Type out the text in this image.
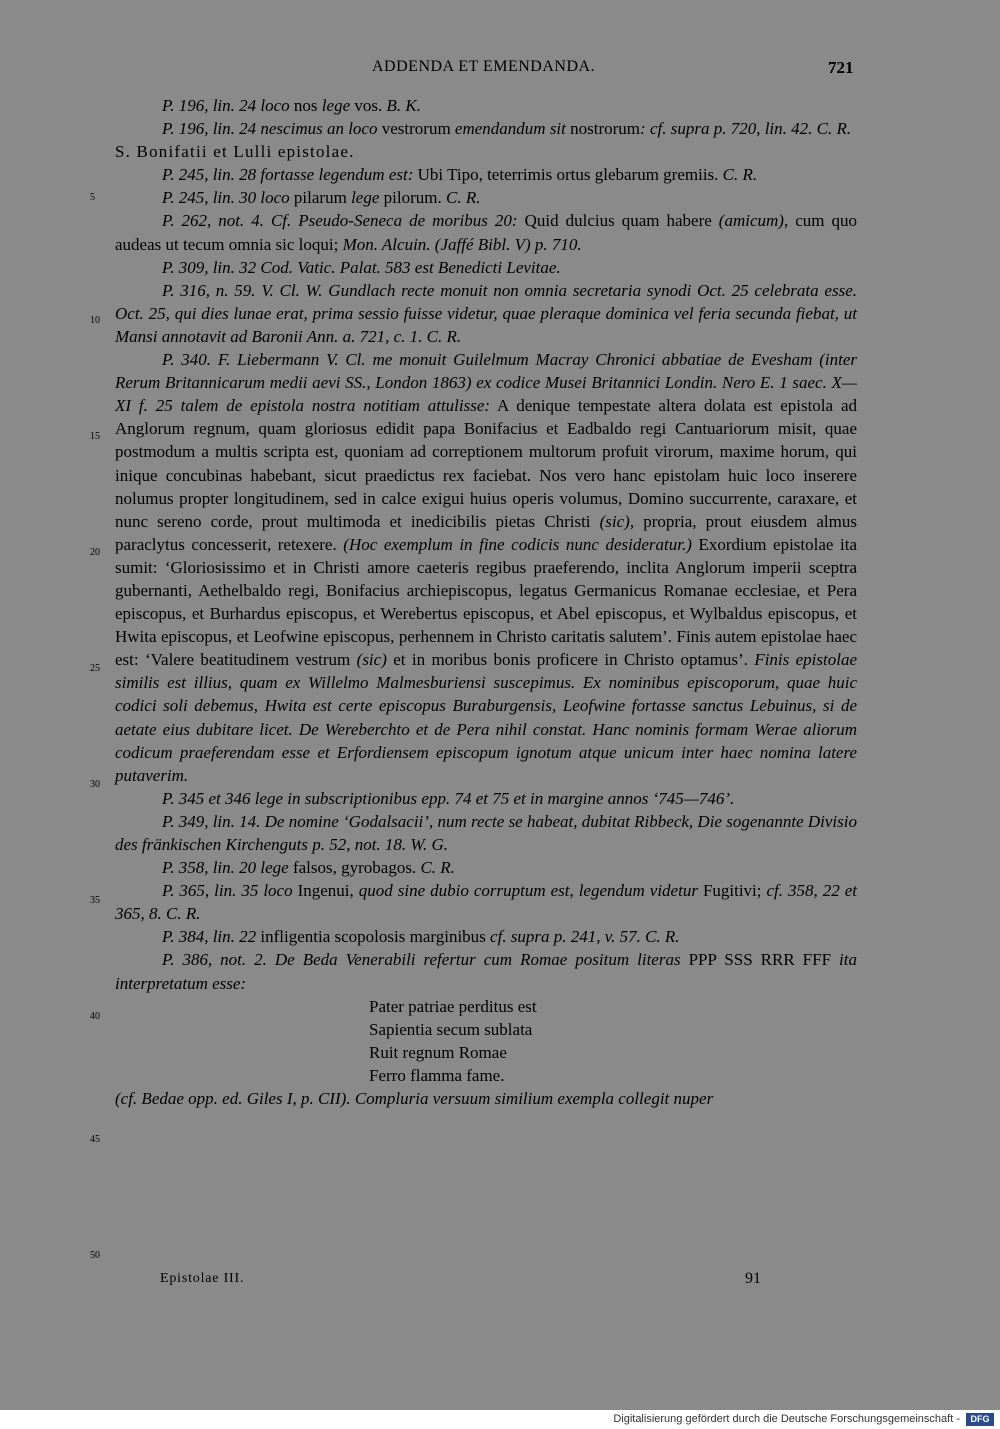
ADDENDA ET EMENDANDA.	721
5
10
15
20
25
30
35
40
45
50

P. 196, lin. 24 loco nos lege vos. B. K.

P. 196, lin. 24 nescimus an loco vestrorum emendandum sit nostrorum: cf. supra p. 720, lin. 42. C. R.

S. Bonifatii et Lulli epistolae.

P. 245, lin. 28 fortasse legendum est: Ubi Tipo, teterrimis ortus glebarum gremiis. C. R.

P. 245, lin. 30 loco pilarum lege pilorum. C. R.

P. 262, not. 4. Cf. Pseudo-Seneca de moribus 20: Quid dulcius quam habere (amicum), cum quo audeas ut tecum omnia sic loqui; Mon. Alcuin. (Jaffé Bibl. V) p. 710.

P. 309, lin. 32 Cod. Vatic. Palat. 583 est Benedicti Levitae.

P. 316, n. 59. V. Cl. W. Gundlach recte monuit non omnia secretaria synodi Oct. 25 celebrata esse. Oct. 25, qui dies lunae erat, prima sessio fuisse videtur, quae pleraque dominica vel feria secunda fiebat, ut Mansi annotavit ad Baronii Ann. a. 721, c. 1. C. R.

P. 340. F. Liebermann V. Cl. me monuit Guilelmum Macray Chronici abbatiae de Evesham (inter Rerum Britannicarum medii aevi SS., London 1863) ex codice Musei Britannici Londin. Nero E. 1 saec. X—XI f. 25 talem de epistola nostra notitiam attulisse: A denique tempestate altera dolata est epistola ad Anglorum regnum, quam gloriosus edidit papa Bonifacius et Eadbaldo regi Cantuariorum misit, quae postmodum a multis scripta est, quoniam ad correptionem multorum profuit virorum, maxime horum, qui inique concubinas habebant, sicut praedictus rex faciebat. Nos vero hanc epistolam huic loco inserere nolumus propter longitudinem, sed in calce exigui huius operis volumus, Domino succurrente, caraxare, et nunc sereno corde, prout multimoda et inedicibilis pietas Christi (sic), propria, prout eiusdem almus paraclytus concesserit, retexere. (Hoc exemplum in fine codicis nunc desideratur.) Exordium epistolae ita sumit: ‘Gloriosissimo et in Christi amore caeteris regibus praeferendo, inclita Anglorum imperii sceptra gubernanti, Aethelbaldo regi, Bonifacius archiepiscopus, legatus Germanicus Romanae ecclesiae, et Pera episcopus, et Burhardus episcopus, et Werebertus episcopus, et Abel episcopus, et Wylbaldus episcopus, et Hwita episcopus, et Leofwine episcopus, perhennem in Christo caritatis salutem’. Finis autem epistolae haec est: ‘Valere beatitudinem vestrum (sic) et in moribus bonis proficere in Christo optamus’. Finis epistolae similis est illius, quam ex Willelmo Malmesburiensi suscepimus. Ex nominibus episcoporum, quae huic codici soli debemus, Hwita est certe episcopus Buraburgensis, Leofwine fortasse sanctus Lebuinus, si de aetate eius dubitare licet. De Wereberchto et de Pera nihil constat. Hanc nominis formam Werae aliorum codicum praeferendam esse et Erfordiensem episcopum ignotum atque unicum inter haec nomina latere putaverim.

P. 345 et 346 lege in subscriptionibus epp. 74 et 75 et in margine annos ‘745—746’.

P. 349, lin. 14. De nomine ‘Godalsacii’, num recte se habeat, dubitat Ribbeck, Die sogenannte Divisio des fränkischen Kirchenguts p. 52, not. 18. W. G.

P. 358, lin. 20 lege falsos, gyrobagos. C. R.

P. 365, lin. 35 loco Ingenui, quod sine dubio corruptum est, legendum videtur Fugitivi; cf. 358, 22 et 365, 8. C. R.

P. 384, lin. 22 infligentia scopolosis marginibus cf. supra p. 241, v. 57. C. R.

P. 386, not. 2. De Beda Venerabili refertur cum Romae positum literas PPP SSS RRR FFF ita interpretatum esse:

Pater patriae perditus est
Sapientia secum sublata
Ruit regnum Romae
Ferro flamma fame.

(cf. Bedae opp. ed. Giles I, p. CII). Compluria versuum similium exempla collegit nuper

Epistolae III.	91
Digitalisierung gefördert durch die Deutsche Forschungsgemeinschaft -	DFG
